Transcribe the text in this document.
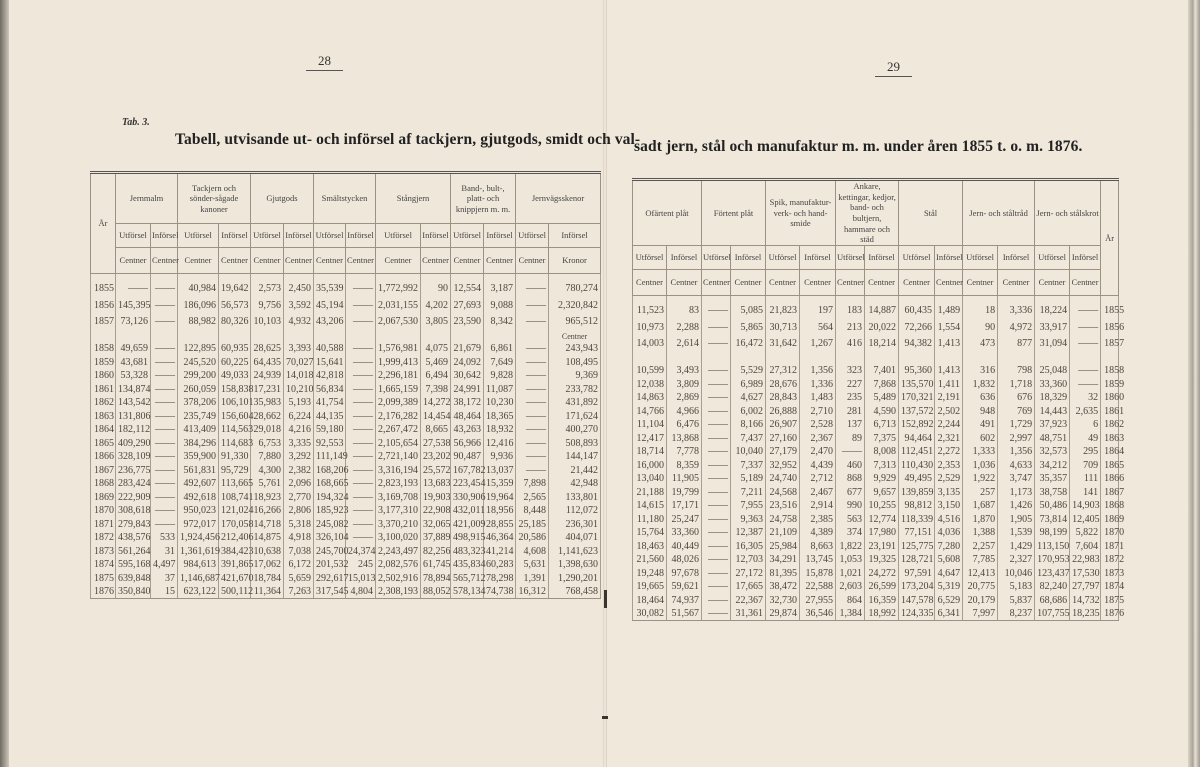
28	29
Tab. 3.
Tabell, utvisande ut- och införsel af tackjern, gjutgods, smidt och val-
sadt jern, stål och manufaktur m. m. under åren 1855 t. o. m. 1876.
År	Jernmalm		Tackjern och sönder-sågade kanoner		Gjutgods		Smältstycken		Stångjern		Band-, bult-, platt- och knippjern m. m.		Jernvägsskenor	
	Utförsel	Införsel	Utförsel	Införsel	Utförsel	Införsel	Utförsel	Införsel	Utförsel	Införsel	Utförsel	Införsel	Utförsel	Införsel
	Centner	Centner	Centner	Centner	Centner	Centner	Centner	Centner	Centner	Centner	Centner	Centner	Centner	Kronor

1855	——	——	40,984	19,642	2,573	2,450	35,539	——	1,772,992	90	12,554	3,187	——	780,274
1856	145,395	——	186,096	56,573	9,756	3,592	45,194	——	2,031,155	4,202	27,693	9,088	——	2,320,842
1857	73,126	——	88,982	80,326	10,103	4,932	43,206	——	2,067,530	3,805	23,590	8,342	——	965,512
														Centner
1858	49,659	——	122,895	60,935	28,625	3,393	40,588	——	1,576,981	4,075	21,679	6,861	——	243,943
1859	43,681	——	245,520	60,225	64,435	70,027	15,641	——	1,999,413	5,469	24,092	7,649	——	108,495
1860	53,328	——	299,200	49,033	24,939	14,018	42,818	——	2,296,181	6,494	30,642	9,828	——	9,369
1861	134,874	——	260,059	158,838	17,231	10,210	56,834	——	1,665,159	7,398	24,991	11,087	——	233,782
1862	143,542	——	378,206	106,101	35,983	5,193	41,754	——	2,099,389	14,272	38,172	10,230	——	431,892
1863	131,806	——	235,749	156,604	28,662	6,224	44,135	——	2,176,282	14,454	48,464	18,365	——	171,624
1864	182,112	——	413,409	114,563	29,018	4,216	59,180	——	2,267,472	8,665	43,263	18,932	——	400,270
1865	409,290	——	384,296	114,683	6,753	3,335	92,553	——	2,105,654	27,538	56,966	12,416	——	508,893
1866	328,109	——	359,900	91,330	7,880	3,292	111,149	——	2,721,140	23,202	90,487	9,936	——	144,147
1867	236,775	——	561,831	95,729	4,300	2,382	168,206	——	3,316,194	25,572	167,782	13,037	——	21,442
1868	283,424	——	492,607	113,665	5,761	2,096	168,665	——	2,823,193	13,683	223,454	15,359	7,898	42,948
1869	222,909	——	492,618	108,741	18,923	2,770	194,324	——	3,169,708	19,903	330,906	19,964	2,565	133,801
1870	308,618	——	950,023	121,024	16,266	2,806	185,923	——	3,177,310	22,908	432,011	18,956	8,448	112,072
1871	279,843	——	972,017	170,058	14,718	5,318	245,082	——	3,370,210	32,065	421,009	28,855	25,185	236,301
1872	438,576	533	1,924,456	212,406	14,875	4,918	326,104	——	3,100,020	37,889	498,915	46,364	20,586	404,071
1873	561,264	31	1,361,619	384,423	10,638	7,038	245,700	24,374	2,243,497	82,256	483,323	41,214	4,608	1,141,623
1874	595,168	4,497	984,613	391,865	17,062	6,172	201,532	245	2,082,576	61,745	435,834	60,283	5,631	1,398,630
1875	639,848	37	1,146,687	421,670	18,784	5,659	292,617	15,013	2,502,916	78,894	565,712	78,298	1,391	1,290,201
1876	350,840	15	623,122	500,112	11,364	7,263	317,545	4,804	2,308,193	88,052	578,134	74,738	16,312	768,458
Ofärtent plåt		Förtent plåt		Spik, manufaktur-verk- och hand-smide		Ankare, kettingar, kedjor, band- och bultjern, hammare och städ		Stål		Jern- och ståltråd		Jern- och stålskrot		År
Utförsel	Införsel	Utförsel	Införsel	Utförsel	Införsel	Utförsel	Införsel	Utförsel	Införsel	Utförsel	Införsel	Utförsel	Införsel	
Centner	Centner	Centner	Centner	Centner	Centner	Centner	Centner	Centner	Centner	Centner	Centner	Centner	Centner	

11,523	83	——	5,085	21,823	197	183	14,887	60,435	1,489	18	3,336	18,224	——	1855
10,973	2,288	——	5,865	30,713	564	213	20,022	72,266	1,554	90	4,972	33,917	——	1856
14,003	2,614	——	16,472	31,642	1,267	416	18,214	94,382	1,413	473	877	31,094	——	1857

10,599	3,493	——	5,529	27,312	1,356	323	7,401	95,360	1,413	316	798	25,048	——	1858
12,038	3,809	——	6,989	28,676	1,336	227	7,868	135,570	1,411	1,832	1,718	33,360	——	1859
14,863	2,869	——	4,627	28,843	1,483	235	5,489	170,321	2,191	636	676	18,329	32	1860
14,766	4,966	——	6,002	26,888	2,710	281	4,590	137,572	2,502	948	769	14,443	2,635	1861
11,104	6,476	——	8,166	26,907	2,528	137	6,713	152,892	2,244	491	1,729	37,923	6	1862
12,417	13,868	——	7,437	27,160	2,367	89	7,375	94,464	2,321	602	2,997	48,751	49	1863
18,714	7,778	——	10,040	27,179	2,470	——	8,008	112,451	2,272	1,333	1,356	32,573	295	1864
16,000	8,359	——	7,337	32,952	4,439	460	7,313	110,430	2,353	1,036	4,633	34,212	709	1865
13,040	11,905	——	5,189	24,740	2,712	868	9,929	49,495	2,529	1,922	3,747	35,357	111	1866
21,188	19,799	——	7,211	24,568	2,467	677	9,657	139,859	3,135	257	1,173	38,758	141	1867
14,615	17,171	——	7,955	23,516	2,914	990	10,255	98,812	3,150	1,687	1,426	50,486	14,903	1868
11,180	25,247	——	9,363	24,758	2,385	563	12,774	118,339	4,516	1,870	1,905	73,814	12,405	1869
15,764	33,360	——	12,387	21,109	4,389	374	17,980	77,151	4,036	1,388	1,539	98,199	5,822	1870
18,463	40,449	——	16,305	25,984	8,663	1,822	23,191	125,775	7,280	2,257	1,429	113,150	7,604	1871
21,560	48,026	——	12,703	34,291	13,745	1,053	19,325	128,721	5,608	7,785	2,327	170,953	22,983	1872
19,248	97,678	——	27,172	81,395	15,878	1,021	24,272	97,591	4,647	12,413	10,046	123,437	17,530	1873
19,665	59,621	——	17,665	38,472	22,588	2,603	26,599	173,204	5,319	20,775	5,183	82,240	27,797	1874
18,464	74,937	——	22,367	32,730	27,955	864	16,359	147,578	6,529	20,179	5,837	68,686	14,732	1875
30,082	51,567	——	31,361	29,874	36,546	1,384	18,992	124,335	6,341	7,997	8,237	107,755	18,235	1876
